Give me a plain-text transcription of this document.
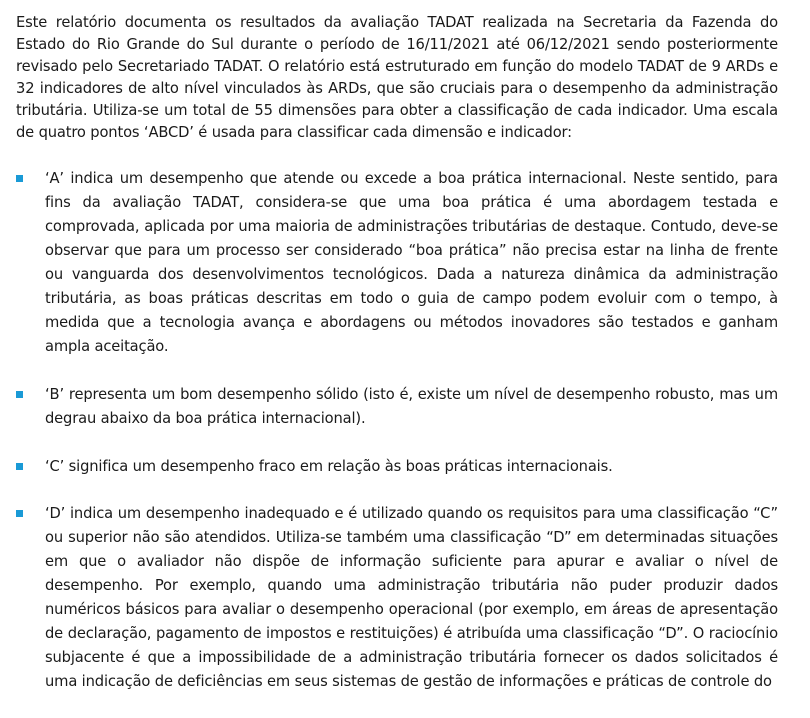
Este relatório documenta os resultados da avaliação TADAT realizada na Secretaria da Fazenda do Estado do Rio Grande do Sul durante o período de 16/11/2021 até 06/12/2021 sendo posteriormente revisado pelo Secretariado TADAT. O relatório está estruturado em função do modelo TADAT de 9 ARDs e 32 indicadores de alto nível vinculados às ARDs, que são cruciais para o desempenho da administração tributária. Utiliza-se um total de 55 dimensões para obter a classificação de cada indicador. Uma escala de quatro pontos ‘ABCD’ é usada para classificar cada dimensão e indicador:

‘A’ indica um desempenho que atende ou excede a boa prática internacional. Neste sentido, para fins da avaliação TADAT, considera-se que uma boa prática é uma abordagem testada e comprovada, aplicada por uma maioria de administrações tributárias de destaque. Contudo, deve-se observar que para um processo ser considerado “boa prática” não precisa estar na linha de frente ou vanguarda dos desenvolvimentos tecnológicos. Dada a natureza dinâmica da administração tributária, as boas práticas descritas em todo o guia de campo podem evoluir com o tempo, à medida que a tecnologia avança e abordagens ou métodos inovadores são testados e ganham ampla aceitação.
‘B’ representa um bom desempenho sólido (isto é, existe um nível de desempenho robusto, mas um degrau abaixo da boa prática internacional).
‘C’ significa um desempenho fraco em relação às boas práticas internacionais.
‘D’ indica um desempenho inadequado e é utilizado quando os requisitos para uma classificação “C” ou superior não são atendidos. Utiliza-se também uma classificação “D” em determinadas situações em que o avaliador não dispõe de informação suficiente para apurar e avaliar o nível de desempenho. Por exemplo, quando uma administração tributária não puder produzir dados numéricos básicos para avaliar o desempenho operacional (por exemplo, em áreas de apresentação de declaração, pagamento de impostos e restituições) é atribuída uma classificação “D”. O raciocínio subjacente é que a impossibilidade de a administração tributária fornecer os dados solicitados é uma indicação de deficiências em seus sistemas de gestão de informações e práticas de controle do
